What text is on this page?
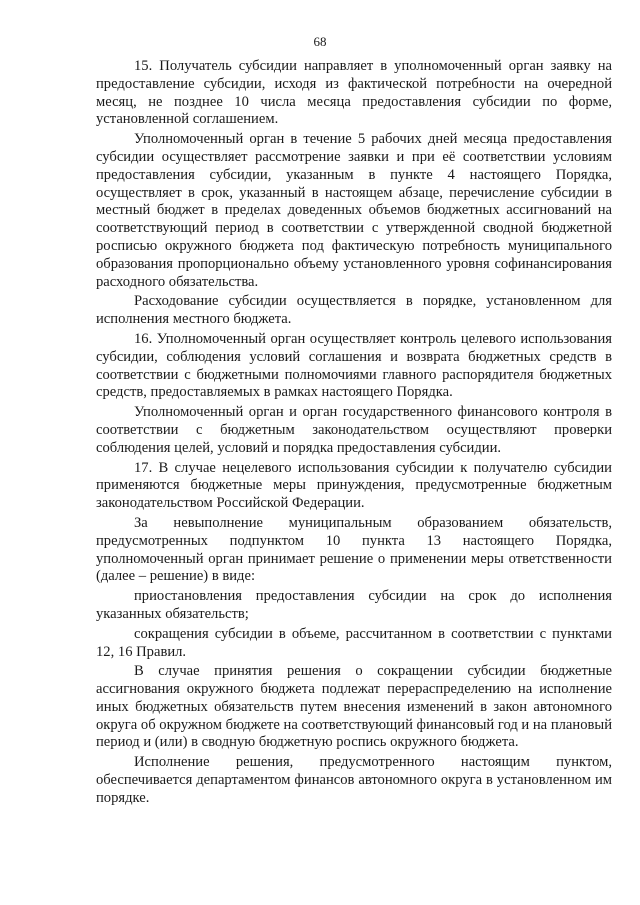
68

15. Получатель субсидии направляет в уполномоченный орган заявку на предоставление субсидии, исходя из фактической потребности на очередной месяц, не позднее 10 числа месяца предоставления субсидии по форме, установленной соглашением.

Уполномоченный орган в течение 5 рабочих дней месяца предоставления субсидии осуществляет рассмотрение заявки и при её соответствии условиям предоставления субсидии, указанным в пункте 4 настоящего Порядка, осуществляет в срок, указанный в настоящем абзаце, перечисление субсидии в местный бюджет в пределах доведенных объемов бюджетных ассигнований на соответствующий период в соответствии с утвержденной сводной бюджетной росписью окружного бюджета под фактическую потребность муниципального образования пропорционально объему установленного уровня софинансирования расходного обязательства.

Расходование субсидии осуществляется в порядке, установленном для исполнения местного бюджета.

16. Уполномоченный орган осуществляет контроль целевого использования субсидии, соблюдения условий соглашения и возврата бюджетных средств в соответствии с бюджетными полномочиями главного распорядителя бюджетных средств, предоставляемых в рамках настоящего Порядка.

Уполномоченный орган и орган государственного финансового контроля в соответствии с бюджетным законодательством осуществляют проверки соблюдения целей, условий и порядка предоставления субсидии.

17. В случае нецелевого использования субсидии к получателю субсидии применяются бюджетные меры принуждения, предусмотренные бюджетным законодательством Российской Федерации.

За невыполнение муниципальным образованием обязательств, предусмотренных подпунктом 10 пункта 13 настоящего Порядка, уполномоченный орган принимает решение о применении меры ответственности (далее – решение) в виде:

приостановления предоставления субсидии на срок до исполнения указанных обязательств;

сокращения субсидии в объеме, рассчитанном в соответствии с пунктами 12, 16 Правил.

В случае принятия решения о сокращении субсидии бюджетные ассигнования окружного бюджета подлежат перераспределению на исполнение иных бюджетных обязательств путем внесения изменений в закон автономного округа об окружном бюджете на соответствующий финансовый год и на плановый период и (или) в сводную бюджетную роспись окружного бюджета.

Исполнение решения, предусмотренного настоящим пунктом, обеспечивается департаментом финансов автономного округа в установленном им порядке.
